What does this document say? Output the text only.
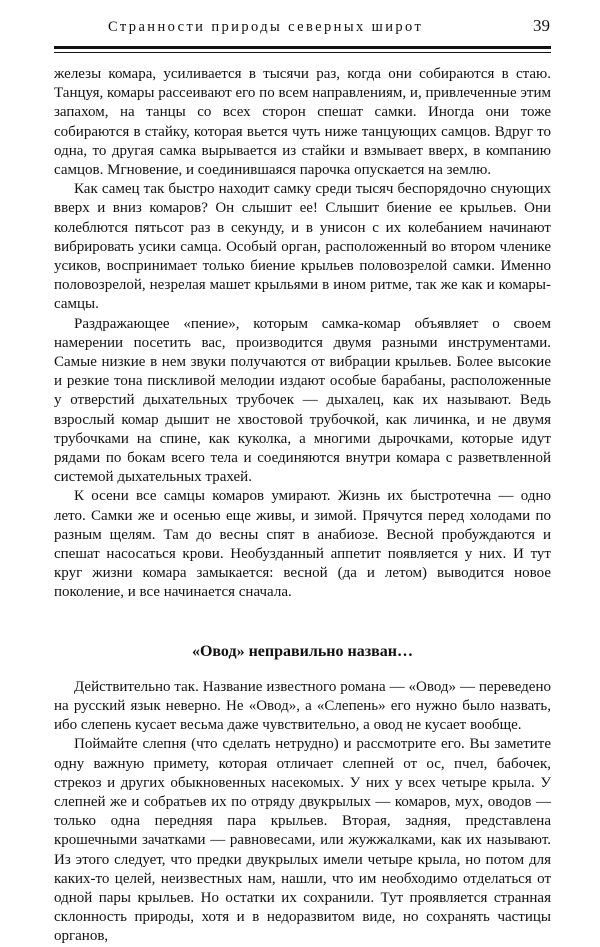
Странности природы северных широт	39

железы комара, усиливается в тысячи раз, когда они собираются в стаю. Танцуя, комары рассеивают его по всем направлениям, и, привлеченные этим запахом, на танцы со всех сторон спешат самки. Иногда они тоже собираются в стайку, которая вьется чуть ниже танцующих самцов. Вдруг то одна, то другая самка вырывается из стайки и взмывает вверх, в компанию самцов. Мгновение, и соединившаяся парочка опускается на землю.

Как самец так быстро находит самку среди тысяч беспорядочно снующих вверх и вниз комаров? Он слышит ее! Слышит биение ее крыльев. Они колеблются пятьсот раз в секунду, и в унисон с их колебанием начинают вибрировать усики самца. Особый орган, расположенный во втором членике усиков, воспринимает только биение крыльев половозрелой самки. Именно половозрелой, незрелая машет крыльями в ином ритме, так же как и комары-самцы.

Раздражающее «пение», которым самка-комар объявляет о своем намерении посетить вас, производится двумя разными инструментами. Самые низкие в нем звуки получаются от вибрации крыльев. Более высокие и резкие тона пискливой мелодии издают особые барабаны, расположенные у отверстий дыхательных трубочек — дыхалец, как их называют. Ведь взрослый комар дышит не хвостовой трубочкой, как личинка, и не двумя трубочками на спине, как куколка, а многими дырочками, которые идут рядами по бокам всего тела и соединяются внутри комара с разветвленной системой дыхательных трахей.

К осени все самцы комаров умирают. Жизнь их быстротечна — одно лето. Самки же и осенью еще живы, и зимой. Прячутся перед холодами по разным щелям. Там до весны спят в анабиозе. Весной пробуждаются и спешат насосаться крови. Необузданный аппетит появляется у них. И тут круг жизни комара замыкается: весной (да и летом) выводится новое поколение, и все начинается сначала.

«Овод» неправильно назван…

Действительно так. Название известного романа — «Овод» — переведено на русский язык неверно. Не «Овод», а «Слепень» его нужно было назвать, ибо слепень кусает весьма даже чувствительно, а овод не кусает вообще.

Поймайте слепня (что сделать нетрудно) и рассмотрите его. Вы заметите одну важную примету, которая отличает слепней от ос, пчел, бабочек, стрекоз и других обыкновенных насекомых. У них у всех четыре крыла. У слепней же и собратьев их по отряду двукрылых — комаров, мух, оводов — только одна передняя пара крыльев. Вторая, задняя, представлена крошечными зачатками — равновесами, или жужжалками, как их называют. Из этого следует, что предки двукрылых имели четыре крыла, но потом для каких-то целей, неизвестных нам, нашли, что им необходимо отделаться от одной пары крыльев. Но остатки их сохранили. Тут проявляется странная склонность природы, хотя и в недоразвитом виде, но сохранять частицы органов,
